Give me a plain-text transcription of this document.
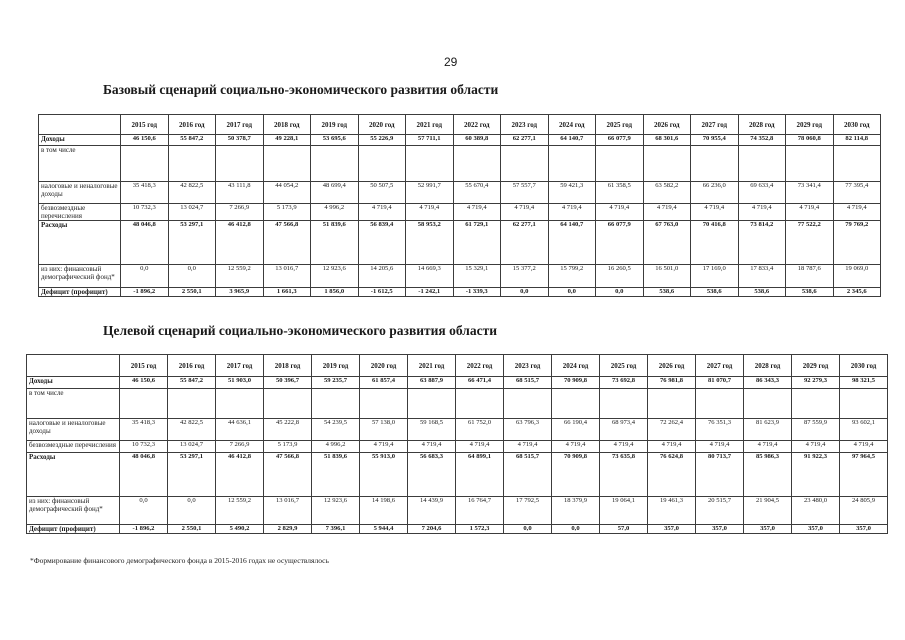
29
Базовый сценарий социально-экономического развития области
	2015 год	2016 год	2017 год	2018 год	2019 год	2020 год	2021 год	2022 год	2023 год	2024 год	2025 год	2026 год	2027 год	2028 год	2029 год	2030 год
Доходы	46 150,6	55 847,2	50 378,7	49 228,1	53 695,6	55 226,9	57 711,1	60 389,8	62 277,1	64 140,7	66 077,9	68 301,6	70 955,4	74 352,8	78 060,8	82 114,8
в том числе																
налоговые и неналоговые доходы	35 418,3	42 822,5	43 111,8	44 054,2	48 699,4	50 507,5	52 991,7	55 670,4	57 557,7	59 421,3	61 358,5	63 582,2	66 236,0	69 633,4	73 341,4	77 395,4
безвозмездные перечисления	10 732,3	13 024,7	7 266,9	5 173,9	4 996,2	4 719,4	4 719,4	4 719,4	4 719,4	4 719,4	4 719,4	4 719,4	4 719,4	4 719,4	4 719,4	4 719,4
Расходы	48 046,8	53 297,1	46 412,8	47 566,8	51 839,6	56 839,4	58 953,2	61 729,1	62 277,1	64 140,7	66 077,9	67 763,0	70 416,8	73 814,2	77 522,2	79 769,2
из них: финансовый демографический фонд*	0,0	0,0	12 559,2	13 016,7	12 923,6	14 205,6	14 669,3	15 329,1	15 377,2	15 799,2	16 260,5	16 501,0	17 169,0	17 833,4	18 787,6	19 069,0
Дефицит (профицит)	-1 896,2	2 550,1	3 965,9	1 661,3	1 856,0	-1 612,5	-1 242,1	-1 339,3	0,0	0,0	0,0	538,6	538,6	538,6	538,6	2 345,6
Целевой сценарий социально-экономического развития области
	2015 год	2016 год	2017 год	2018 год	2019 год	2020 год	2021 год	2022 год	2023 год	2024 год	2025 год	2026 год	2027 год	2028 год	2029 год	2030 год
Доходы	46 150,6	55 847,2	51 903,0	50 396,7	59 235,7	61 857,4	63 887,9	66 471,4	68 515,7	70 909,8	73 692,8	76 981,8	81 070,7	86 343,3	92 279,3	98 321,5
в том числе																
налоговые и неналоговые доходы	35 418,3	42 822,5	44 636,1	45 222,8	54 239,5	57 138,0	59 168,5	61 752,0	63 796,3	66 190,4	68 973,4	72 262,4	76 351,3	81 623,9	87 559,9	93 602,1
безвозмездные перечисления	10 732,3	13 024,7	7 266,9	5 173,9	4 996,2	4 719,4	4 719,4	4 719,4	4 719,4	4 719,4	4 719,4	4 719,4	4 719,4	4 719,4	4 719,4	4 719,4
Расходы	48 046,8	53 297,1	46 412,8	47 566,8	51 839,6	55 913,0	56 683,3	64 899,1	68 515,7	70 909,8	73 635,8	76 624,8	80 713,7	85 986,3	91 922,3	97 964,5
из них: финансовый демографический фонд*	0,0	0,0	12 559,2	13 016,7	12 923,6	14 198,6	14 439,9	16 764,7	17 792,5	18 379,9	19 064,1	19 461,3	20 515,7	21 904,5	23 480,0	24 805,9
Дефицит (профицит)	-1 896,2	2 550,1	5 490,2	2 829,9	7 396,1	5 944,4	7 204,6	1 572,3	0,0	0,0	57,0	357,0	357,0	357,0	357,0	357,0
*Формирование финансового демографического фонда в 2015-2016 годах не осуществлялось
